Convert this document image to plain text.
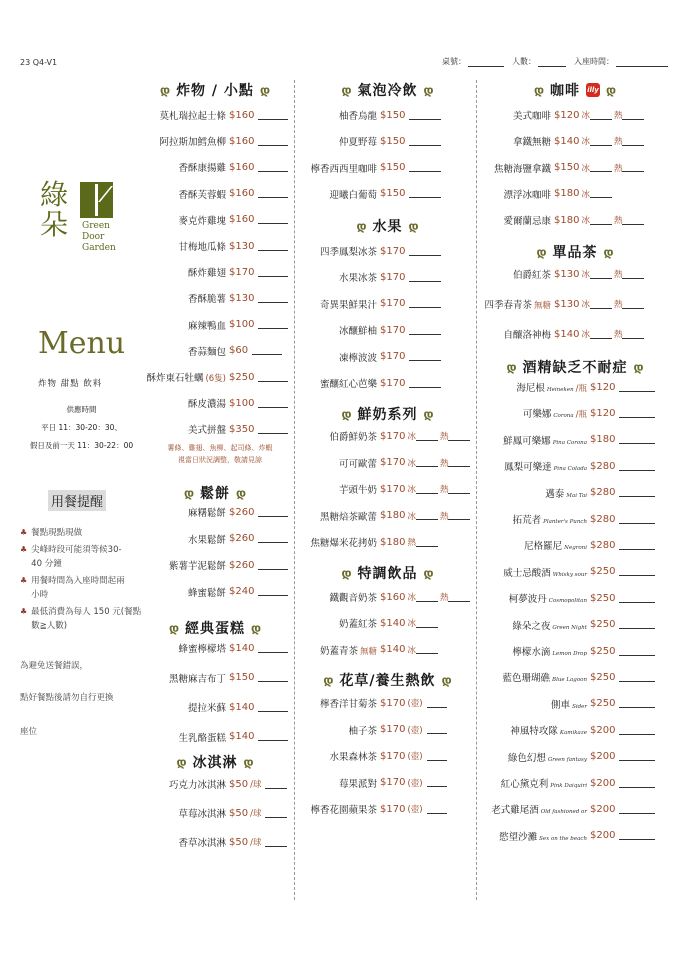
23 Q4-V1	桌號：	人數：	入座時間：
綠朵	Green
Door
Garden
Menu
炸物 甜點 飲料
供應時間
平日 11：30-20：30、
假日及前一天 11：30-22：00
用餐提醒
♣ 餐點現點現做
♣ 尖峰時段可能須等候30-40 分鐘
♣ 用餐時間為入座時間起兩小時
♣ 最低消費為每人 150 元(餐點數≧人數)
為避免送餐錯誤，
點好餐點後請勿自行更換
座位
დ 炸物 / 小點 დ
莫札瑞拉起士條 $160
阿拉斯加鱈魚柳 $160
香酥康揚雞 $160
香酥芙蓉蝦 $160
麥克炸雞塊 $160
甘梅地瓜條 $130
酥炸雞翅 $170
香酥脆薯 $130
麻辣鴨血 $100
香蒜麵包 $60
酥炸東石牡蠣 (6隻) $250
酥皮濃湯 $100
美式拼盤 $350
薯條、雞翅、魚柳、起司條、炸蝦
視當日狀況調整，敬請見諒
დ 鬆餅 დ
麻糬鬆餅 $260
水果鬆餅 $260
紫薯芋泥鬆餅 $260
蜂蜜鬆餅 $240
დ 經典蛋糕 დ
蜂蜜檸檬塔 $140
黑糖麻吉布丁 $150
提拉米蘇 $140
生乳酪蛋糕 $140
დ 冰淇淋 დ
巧克力冰淇淋 $50 /球
草莓冰淇淋 $50 /球
香草冰淇淋 $50 /球
დ 氣泡冷飲 დ
柚香烏龍 $150
仲夏野莓 $150
檸香西西里咖啡 $150
迎曦白葡萄 $150
დ 水果 დ
四季鳳梨冰茶 $170
水果冰茶 $170
奇異果鮮果汁 $170
冰釀鮮柚 $170
凍檸波波 $170
蜜釀紅心芭樂 $170
დ 鮮奶系列 დ
伯爵鮮奶茶 $170 冰	熱
可可歐蕾 $170 冰	熱
芋頭牛奶 $170 冰	熱
黑糖焙茶歐蕾 $180 冰	熱
焦糖爆米花拷奶 $180 熱
დ 特調飲品 დ
鐵觀音奶茶 $160 冰	熱
奶蓋紅茶 $140 冰
奶蓋青茶 無糖 $140 冰
დ 花草/養生熱飲 დ
檸香洋甘菊茶 $170 (壺)
柚子茶 $170 (壺)
水果森林茶 $170 (壺)
莓果派對 $170 (壺)
檸香花園蘋果茶 $170 (壺)
დ 咖啡 illy დ
美式咖啡 $120 冰	熱
拿鐵無糖 $140 冰	熱
焦糖海鹽拿鐵 $150 冰	熱
漂浮冰咖啡 $180 冰
愛爾蘭忌康 $180 冰	熱
დ 單品茶 დ
伯爵紅茶 $130 冰	熱
四季春青茶 無糖 $130 冰	熱
自釀洛神梅 $140 冰	熱
დ 酒精缺乏不耐症 დ
海尼根 Heineken /瓶 $120
可樂娜 Corona /瓶 $120
鮮鳳可樂娜 Pina Corona $180
鳳梨可樂達 Pina Colada $280
邁泰 Mai Tai $280
拓荒者 Planter's Punch $280
尼格羅尼 Negroni $280
威士忌酸酒 Whisky sour $250
柯夢波丹 Cosmopolitan $250
綠朵之夜 Green Night $250
檸檬水滴 Lemon Drop $250
藍色珊瑚礁 Blue Lagoon $250
側車 Sider $250
神風特攻隊 Kamikaze $200
綠色幻想 Green fantasy $200
紅心黛克利 Pink Daiquiri $200
老式雞尾酒 Old fashioned or $200
慾望沙灘 Sex on the beach $200
